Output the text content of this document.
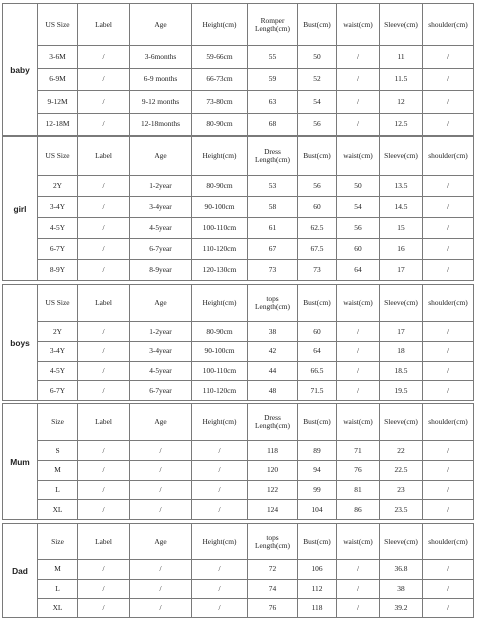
baby	US Size	Label	Age	Height(cm)	Romper Length(cm)	Bust(cm)	waist(cm)	Sleeve(cm)	shoulder(cm)
	3-6M	/	3-6months	59-66cm	55	50	/	11	/
	6-9M	/	6-9 months	66-73cm	59	52	/	11.5	/
	9-12M	/	9-12 months	73-80cm	63	54	/	12	/
	12-18M	/	12-18months	80-90cm	68	56	/	12.5	/
girl	US Size	Label	Age	Height(cm)	Dress Length(cm)	Bust(cm)	waist(cm)	Sleeve(cm)	shoulder(cm)
	2Y	/	1-2year	80-90cm	53	56	50	13.5	/
	3-4Y	/	3-4year	90-100cm	58	60	54	14.5	/
	4-5Y	/	4-5year	100-110cm	61	62.5	56	15	/
	6-7Y	/	6-7year	110-120cm	67	67.5	60	16	/
	8-9Y	/	8-9year	120-130cm	73	73	64	17	/
boys	US Size	Label	Age	Height(cm)	tops Length(cm)	Bust(cm)	waist(cm)	Sleeve(cm)	shoulder(cm)
	2Y	/	1-2year	80-90cm	38	60	/	17	/
	3-4Y	/	3-4year	90-100cm	42	64	/	18	/
	4-5Y	/	4-5year	100-110cm	44	66.5	/	18.5	/
	6-7Y	/	6-7year	110-120cm	48	71.5	/	19.5	/
Mum	Size	Label	Age	Height(cm)	Dress Length(cm)	Bust(cm)	waist(cm)	Sleeve(cm)	shoulder(cm)
	S	/	/	/	118	89	71	22	/
	M	/	/	/	120	94	76	22.5	/
	L	/	/	/	122	99	81	23	/
	XL	/	/	/	124	104	86	23.5	/
Dad	Size	Label	Age	Height(cm)	tops Length(cm)	Bust(cm)	waist(cm)	Sleeve(cm)	shoulder(cm)
	M	/	/	/	72	106	/	36.8	/
	L	/	/	/	74	112	/	38	/
	XL	/	/	/	76	118	/	39.2	/
